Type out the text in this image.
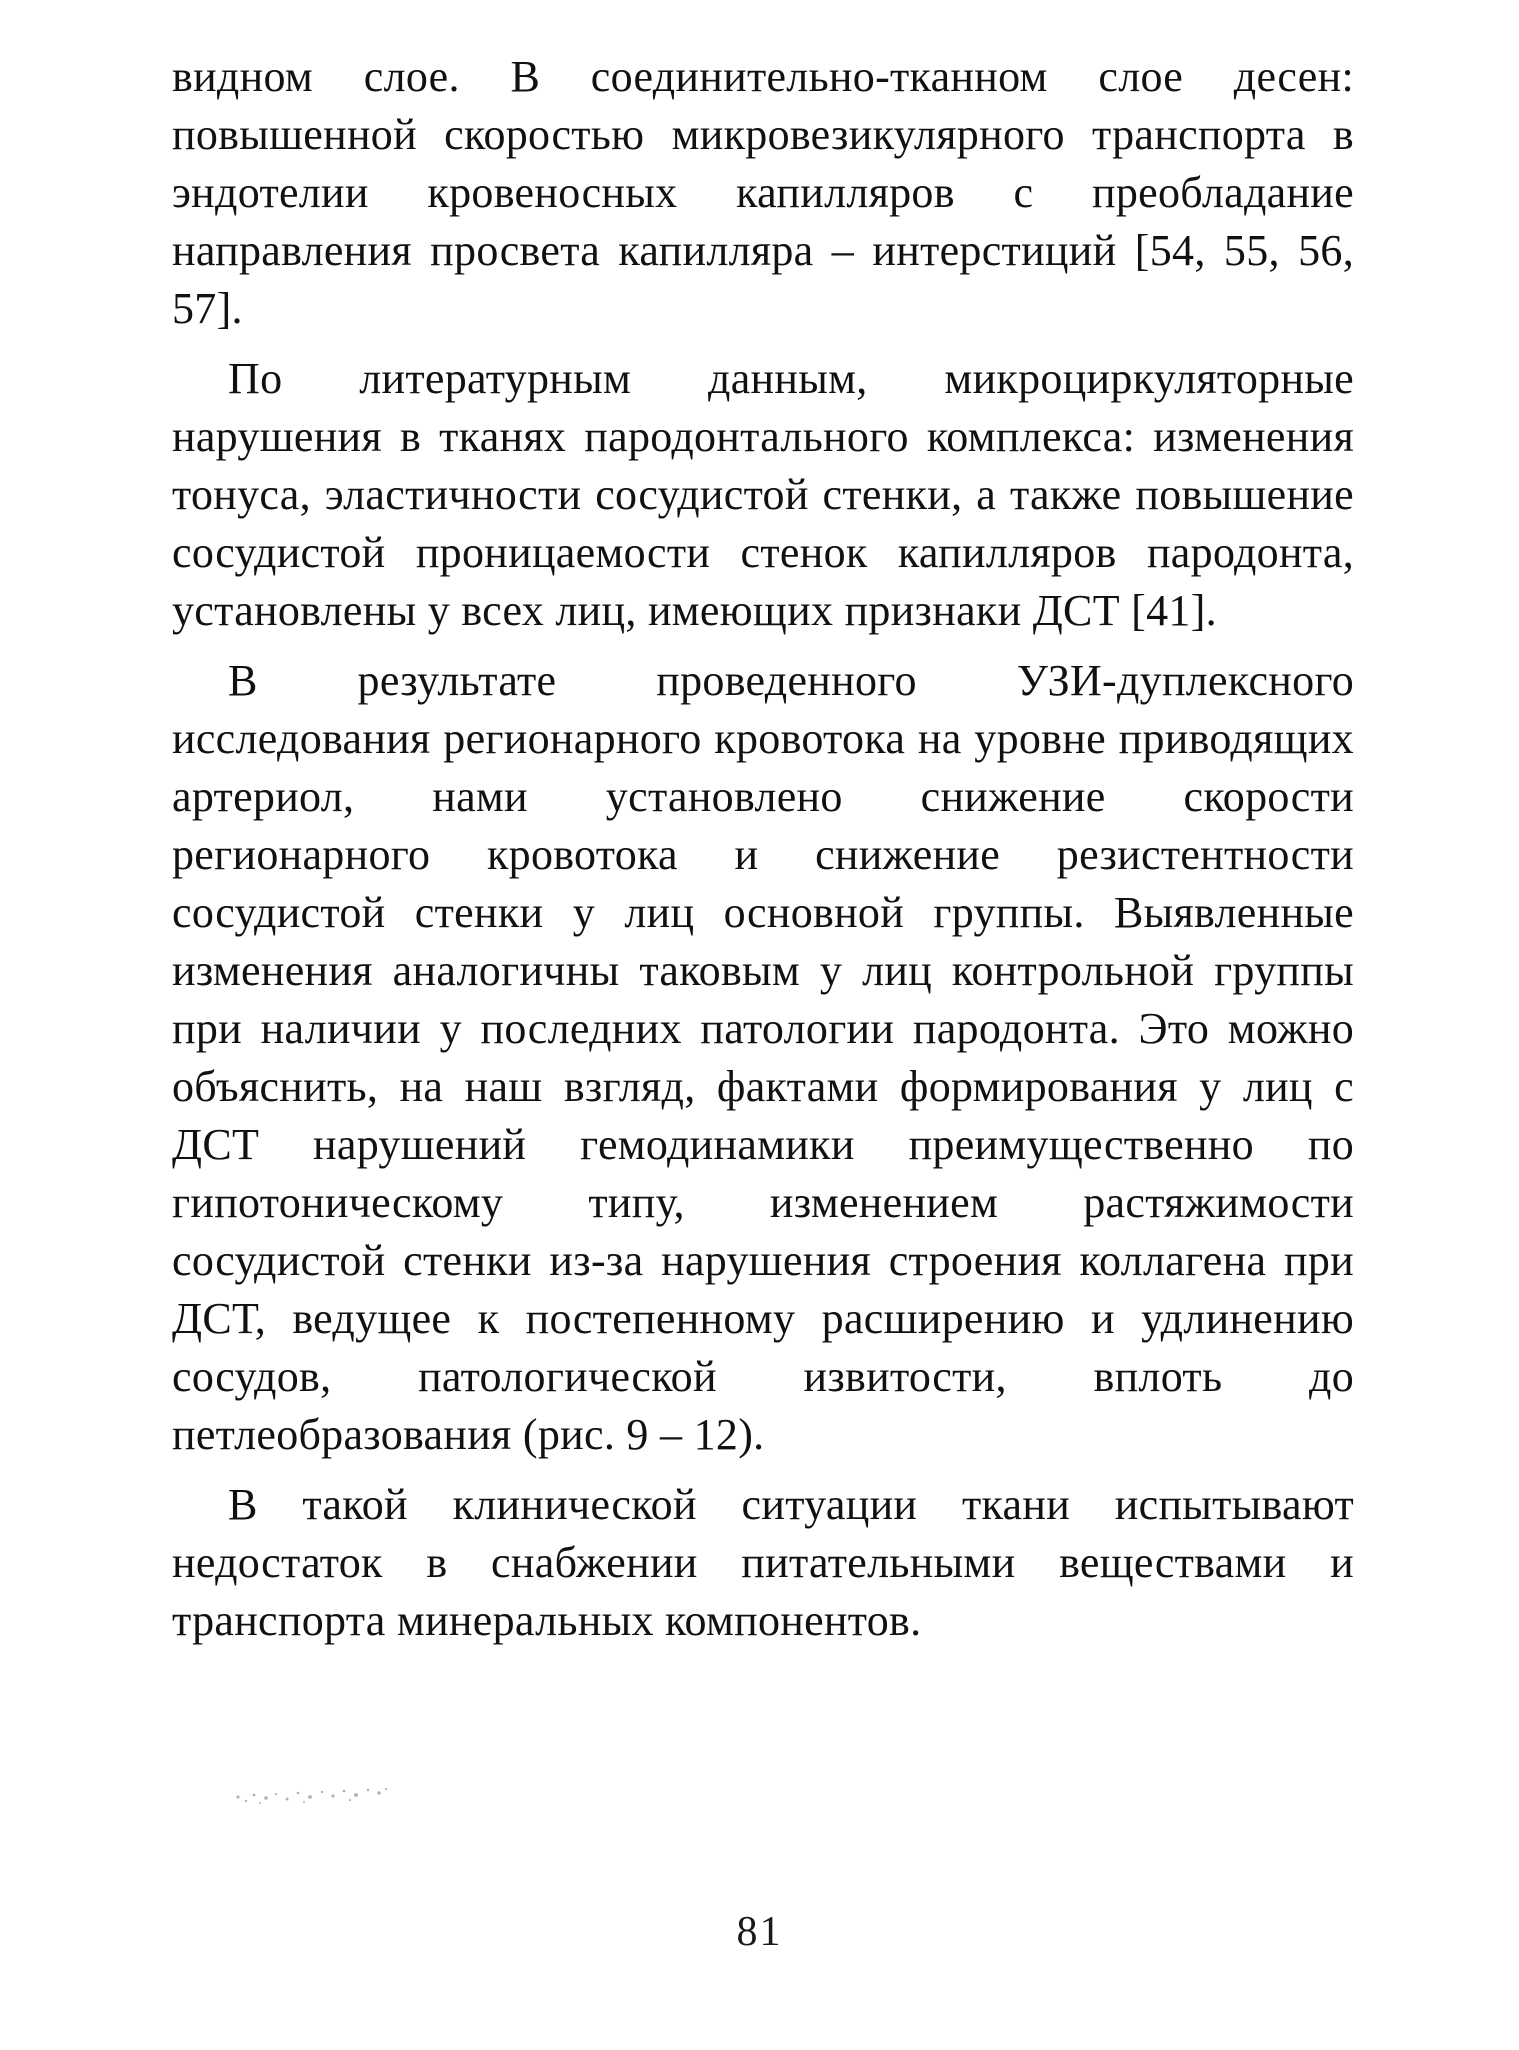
видном слое. В соединительно-тканном слое десен: повышенной скоростью микровезикулярного транспорта в эндотелии кровеносных капилляров с преобладание направления просвета капилляра – интерстиций [54, 55, 56, 57].

По литературным данным, микроциркуляторные нарушения в тканях пародонтального комплекса: изменения тонуса, эластичности сосудистой стенки, а также повышение сосудистой проницаемости стенок капилляров пародонта, установлены у всех лиц, имеющих признаки ДСТ [41].

В результате проведенного УЗИ-дуплексного исследования регионарного кровотока на уровне приводящих артериол, нами установлено снижение скорости регионарного кровотока и снижение резистентности сосудистой стенки у лиц основной группы. Выявленные изменения аналогичны таковым у лиц контрольной группы при наличии у последних патологии пародонта. Это можно объяснить, на наш взгляд, фактами формирования у лиц с ДСТ нарушений гемодинамики преимущественно по гипотоническому типу, изменением растяжимости сосудистой стенки из-за нарушения строения коллагена при ДСТ, ведущее к постепенному расширению и удлинению сосудов, патологической извитости, вплоть до петлеобразования (рис. 9 – 12).

В такой клинической ситуации ткани испытывают недостаток в снабжении питательными веществами и транспорта минеральных компонентов.

81
